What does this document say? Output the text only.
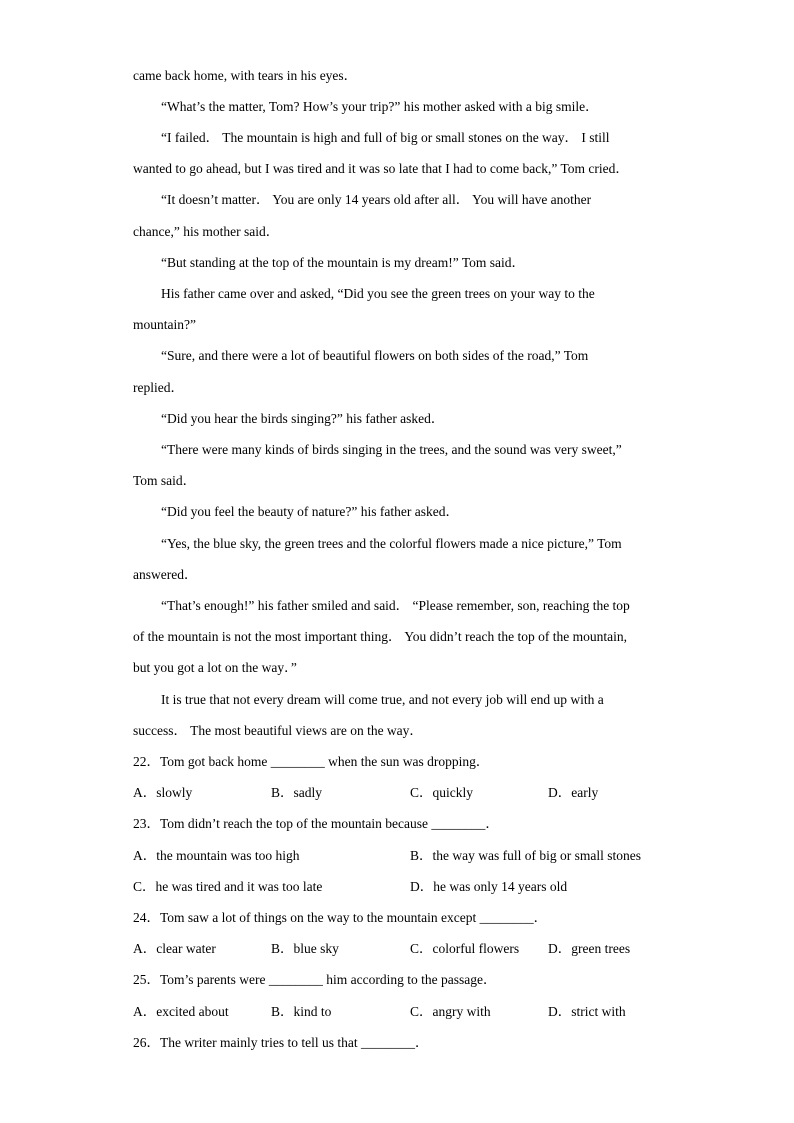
came back home, with tears in his eyes．
“What’s the matter, Tom? How’s your trip?” his mother asked with a big smile．
“I failed． The mountain is high and full of big or small stones on the way． I still
wanted to go ahead, but I was tired and it was so late that I had to come back,” Tom cried．
“It doesn’t matter． You are only 14 years old after all． You will have another
chance,” his mother said．
“But standing at the top of the mountain is my dream!” Tom said．
His father came over and asked, “Did you see the green trees on your way to the
mountain?”
“Sure, and there were a lot of beautiful flowers on both sides of the road,” Tom
replied．
“Did you hear the birds singing?” his father asked．
“There were many kinds of birds singing in the trees, and the sound was very sweet,”
Tom said．
“Did you feel the beauty of nature?” his father asked．
“Yes, the blue sky, the green trees and the colorful flowers made a nice picture,” Tom
answered．
“That’s enough!” his father smiled and said． “Please remember, son, reaching the top
of the mountain is not the most important thing． You didn’t reach the top of the mountain,
but you got a lot on the way．”
It is true that not every dream will come true, and not every job will end up with a
success． The most beautiful views are on the way．
22．Tom got back home ________ when the sun was dropping．
A．slowly	B．sadly	C．quickly	D．early
23．Tom didn’t reach the top of the mountain because ________．
A．the mountain was too high	B．the way was full of big or small stones
C．he was tired and it was too late	D．he was only 14 years old
24．Tom saw a lot of things on the way to the mountain except ________．
A．clear water	B．blue sky	C．colorful flowers D．green trees
25．Tom’s parents were ________ him according to the passage．
A．excited about	B．kind to	C．angry with	D．strict with
26．The writer mainly tries to tell us that ________．
